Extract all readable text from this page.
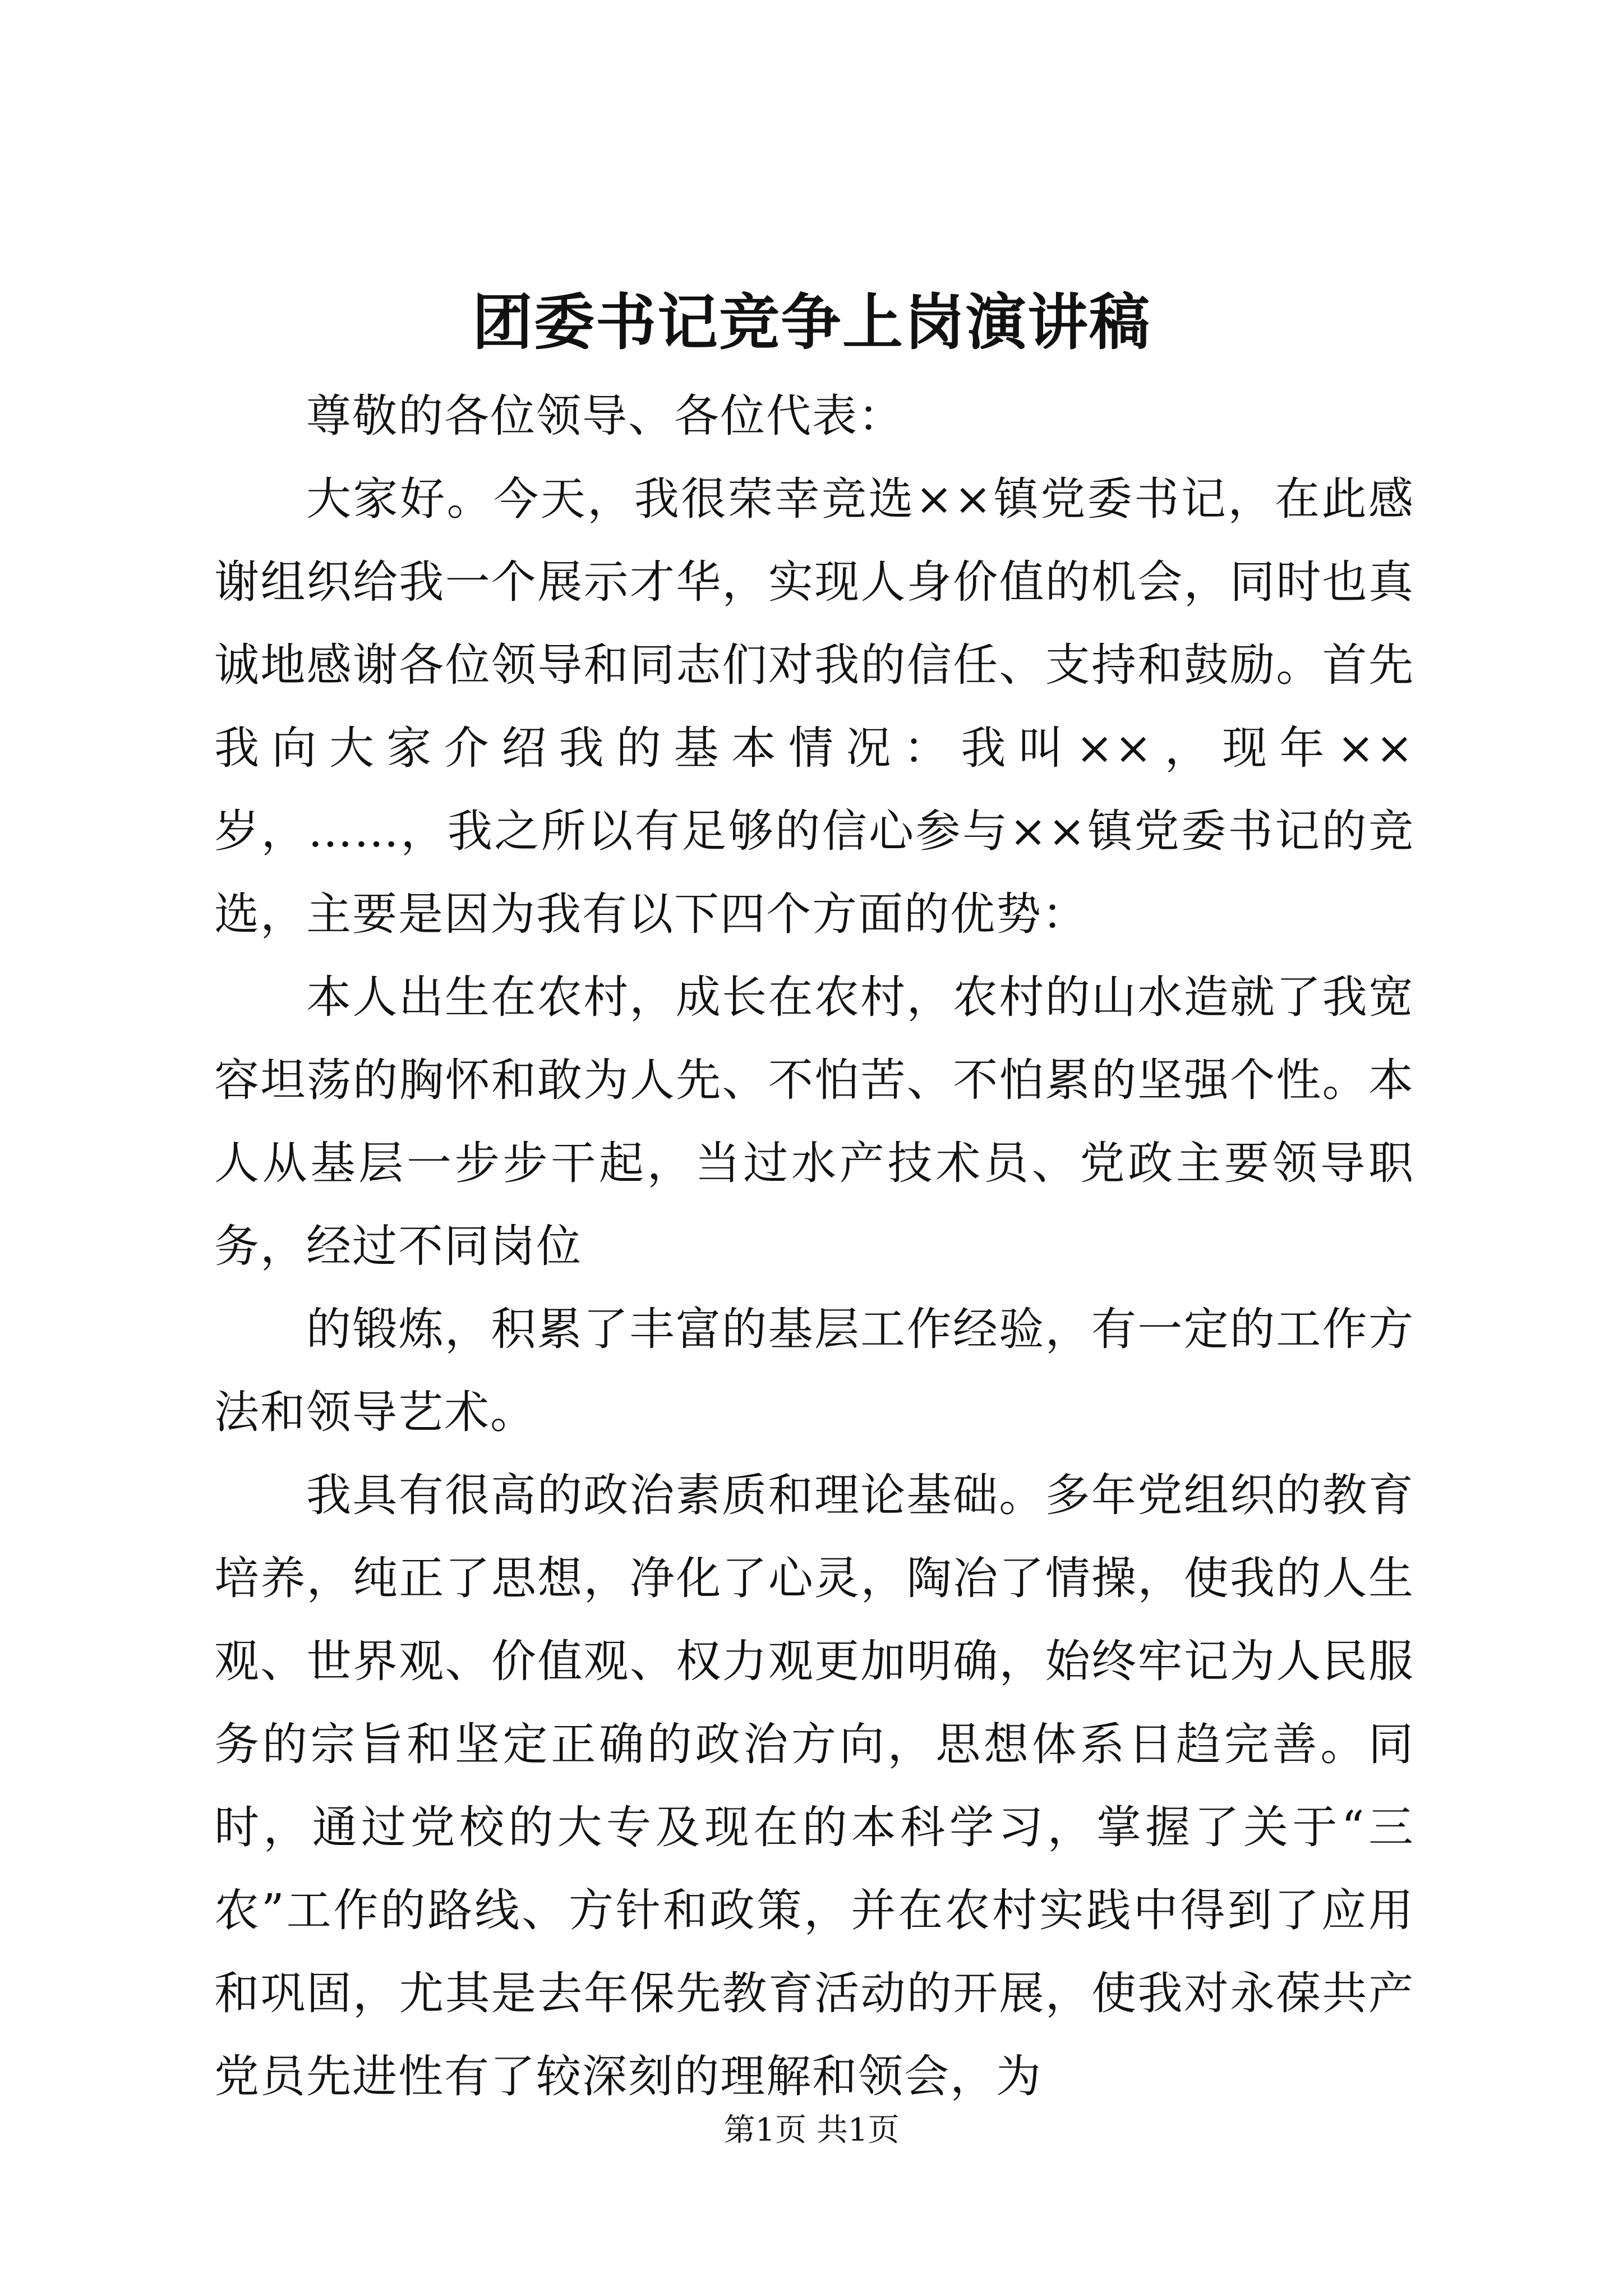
团委书记竞争上岗演讲稿

尊敬的各位领导、各位代表：

大家好。今天，我很荣幸竞选××镇党委书记，在此感谢组织给我一个展示才华，实现人身价值的机会，同时也真诚地感谢各位领导和同志们对我的信任、支持和鼓励。首先我向大家介绍我的基本情况：我叫××，现年××岁，……，我之所以有足够的信心参与××镇党委书记的竞选，主要是因为我有以下四个方面的优势：

本人出生在农村，成长在农村，农村的山水造就了我宽容坦荡的胸怀和敢为人先、不怕苦、不怕累的坚强个性。本人从基层一步步干起，当过水产技术员、党政主要领导职务，经过不同岗位

的锻炼，积累了丰富的基层工作经验，有一定的工作方法和领导艺术。

我具有很高的政治素质和理论基础。多年党组织的教育培养，纯正了思想，净化了心灵，陶冶了情操，使我的人生观、世界观、价值观、权力观更加明确，始终牢记为人民服务的宗旨和坚定正确的政治方向，思想体系日趋完善。同时，通过党校的大专及现在的本科学习，掌握了关于“三农”工作的路线、方针和政策，并在农村实践中得到了应用和巩固，尤其是去年保先教育活动的开展，使我对永葆共产党员先进性有了较深刻的理解和领会，为

第1页 共1页
